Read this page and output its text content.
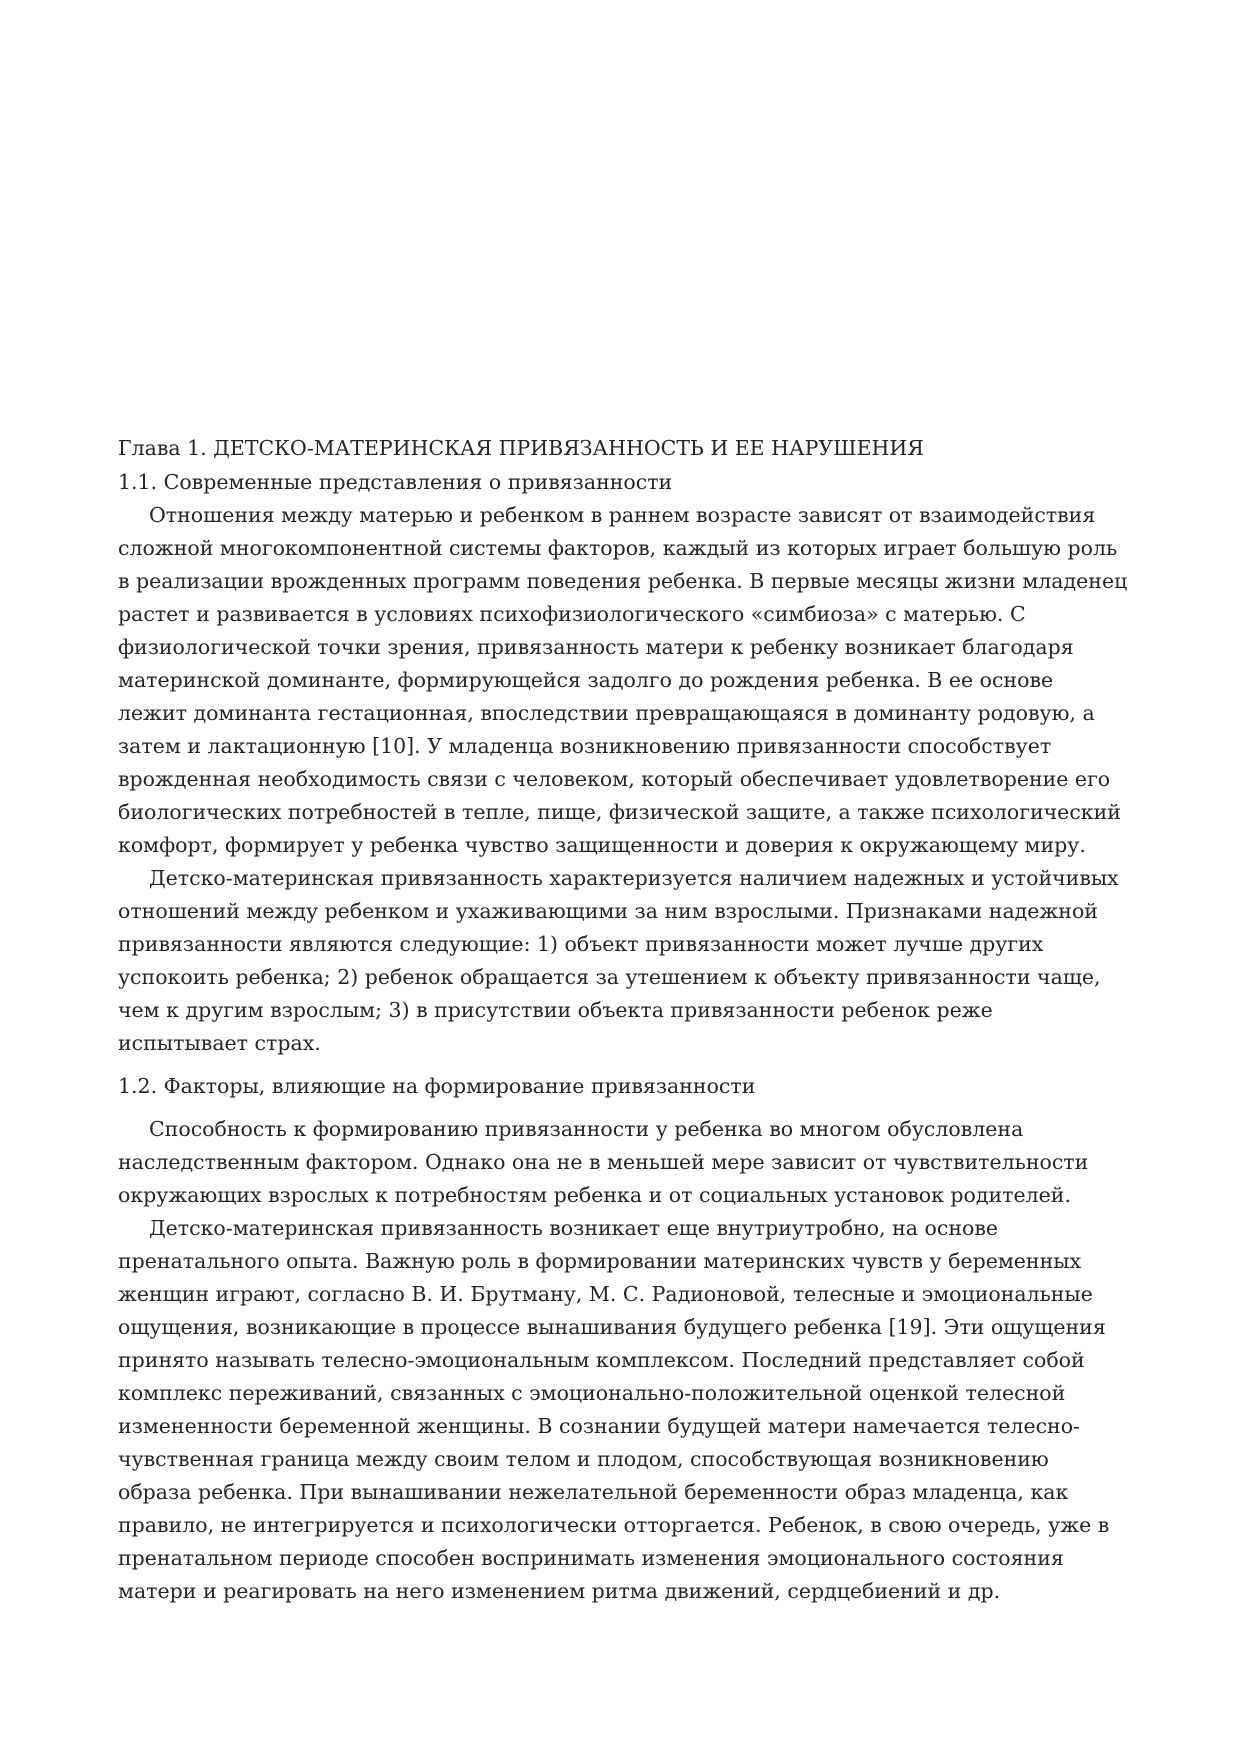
Глава 1. ДЕТСКО-МАТЕРИНСКАЯ ПРИВЯЗАННОСТЬ И ЕЕ НАРУШЕНИЯ
1.1. Современные представления о привязанности

Отношения между матерью и ребенком в раннем возрасте зависят от взаимодействия сложной многокомпонентной системы факторов, каждый из которых играет большую роль в реализации врожденных программ поведения ребенка. В первые месяцы жизни младенец растет и развивается в условиях психофизиологического «симбиоза» с матерью. С физиологической точки зрения, привязанность матери к ребенку возникает благодаря материнской доминанте, формирующейся задолго до рождения ребенка. В ее основе лежит доминанта гестационная, впоследствии превращающаяся в доминанту родовую, а затем и лактационную [10]. У младенца возникновению привязанности способствует врожденная необходимость связи с человеком, который обеспечивает удовлетворение его биологических потребностей в тепле, пище, физической защите, а также психологический комфорт, формирует у ребенка чувство защищенности и доверия к окружающему миру.

Детско-материнская привязанность характеризуется наличием надежных и устойчивых отношений между ребенком и ухаживающими за ним взрослыми. Признаками надежной привязанности являются следующие: 1) объект привязанности может лучше других успокоить ребенка; 2) ребенок обращается за утешением к объекту привязанности чаще, чем к другим взрослым; 3) в присутствии объекта привязанности ребенок реже испытывает страх.

1.2. Факторы, влияющие на формирование привязанности

Способность к формированию привязанности у ребенка во многом обусловлена наследственным фактором. Однако она не в меньшей мере зависит от чувствительности окружающих взрослых к потребностям ребенка и от социальных установок родителей.

Детско-материнская привязанность возникает еще внутриутробно, на основе пренатального опыта. Важную роль в формировании материнских чувств у беременных женщин играют, согласно В. И. Брутману, М. С. Радионовой, телесные и эмоциональные ощущения, возникающие в процессе вынашивания будущего ребенка [19]. Эти ощущения принято называть телесно-эмоциональным комплексом. Последний представляет собой комплекс переживаний, связанных с эмоционально-положительной оценкой телесной измененности беременной женщины. В сознании будущей матери намечается телесно-чувственная граница между своим телом и плодом, способствующая возникновению образа ребенка. При вынашивании нежелательной беременности образ младенца, как правило, не интегрируется и психологически отторгается. Ребенок, в свою очередь, уже в пренатальном периоде способен воспринимать изменения эмоционального состояния матери и реагировать на него изменением ритма движений, сердцебиений и др.
